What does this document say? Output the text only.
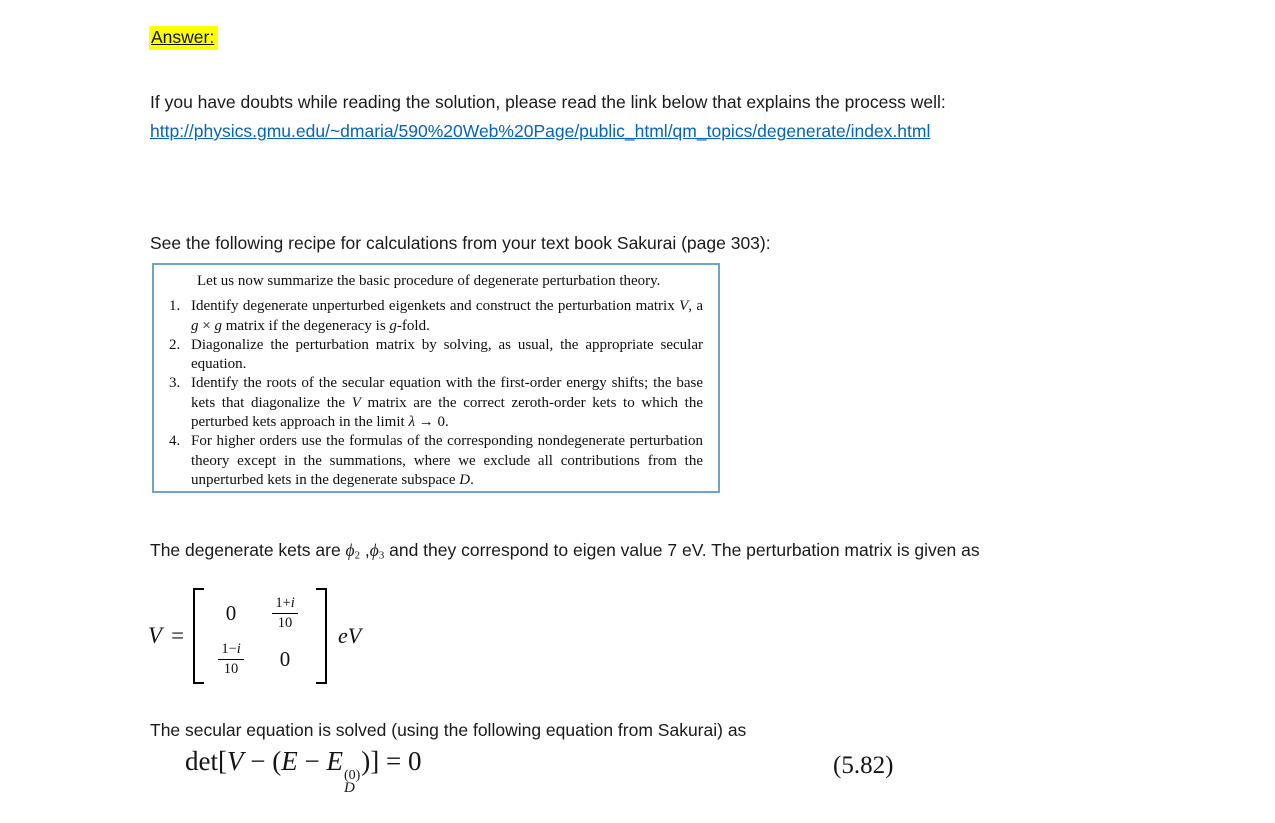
Answer:

If you have doubts while reading the solution, please read the link below that explains the process well:

http://physics.gmu.edu/~dmaria/590%20Web%20Page/public_html/qm_topics/degenerate/index.html

See the following recipe for calculations from your text book Sakurai (page 303):

Let us now summarize the basic procedure of degenerate perturbation theory.

1. Identify degenerate unperturbed eigenkets and construct the perturbation matrix V, a g × g matrix if the degeneracy is g-fold.
2. Diagonalize the perturbation matrix by solving, as usual, the appropriate secular equation.
3. Identify the roots of the secular equation with the first-order energy shifts; the base kets that diagonalize the V matrix are the correct zeroth-order kets to which the perturbed kets approach in the limit λ → 0.
4. For higher orders use the formulas of the corresponding nondegenerate perturbation theory except in the summations, where we exclude all contributions from the unperturbed kets in the degenerate subspace D.

The degenerate kets are ϕ2 ,ϕ3 and they correspond to eigen value 7 eV. The perturbation matrix is given as

V =
$0 \frac{1+i}{10}$
$\frac{1-i}{10} 0$
eV

The secular equation is solved (using the following equation from Sakurai) as

det[V − (E − E (0)
D
)] = 0	(5.82)
